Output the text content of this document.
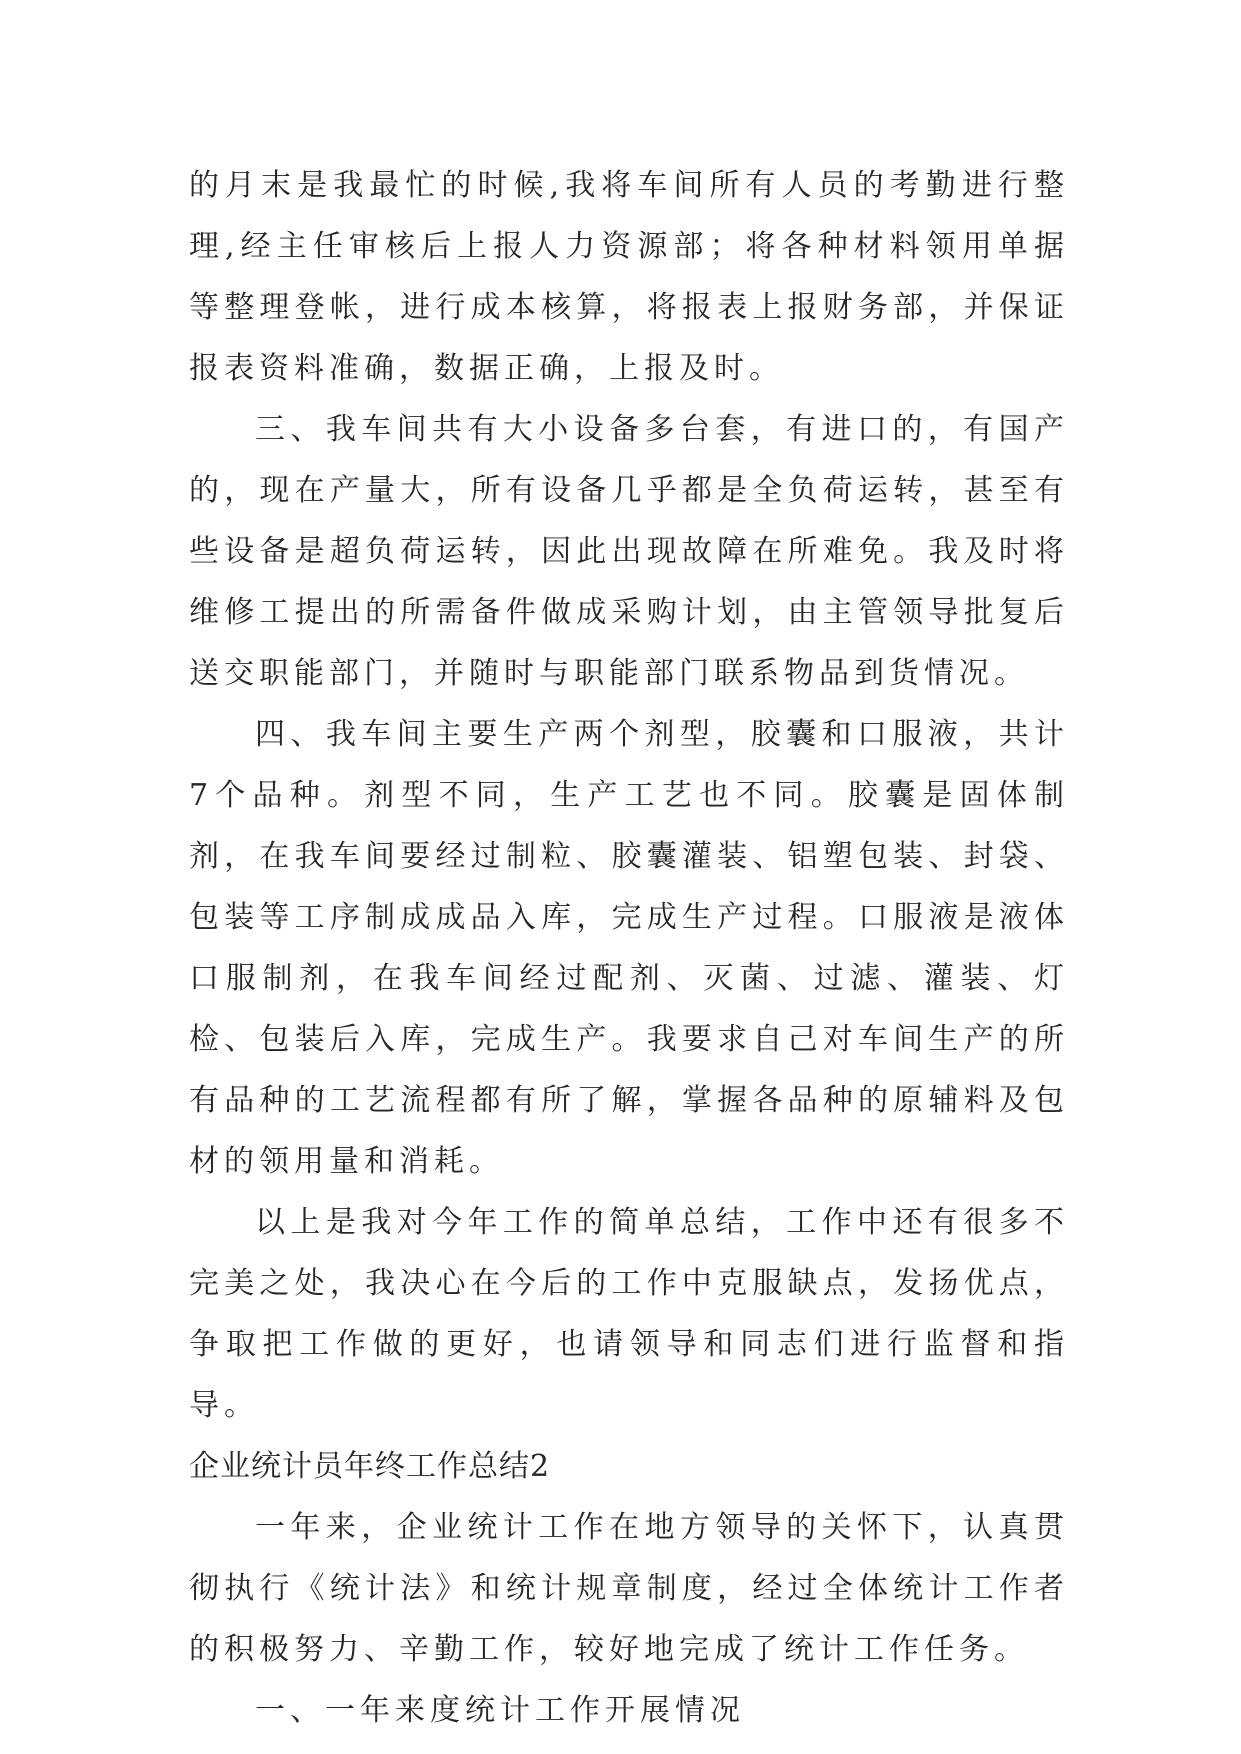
的月末是我最忙的时候,我将车间所有人员的考勤进行整理,经主任审核后上报人力资源部；将各种材料领用单据等整理登帐，进行成本核算，将报表上报财务部，并保证报表资料准确，数据正确，上报及时。

三、我车间共有大小设备多台套，有进口的，有国产的，现在产量大，所有设备几乎都是全负荷运转，甚至有些设备是超负荷运转，因此出现故障在所难免。我及时将维修工提出的所需备件做成采购计划，由主管领导批复后送交职能部门，并随时与职能部门联系物品到货情况。

四、我车间主要生产两个剂型，胶囊和口服液，共计7个品种。剂型不同，生产工艺也不同。胶囊是固体制剂，在我车间要经过制粒、胶囊灌装、铝塑包装、封袋、包装等工序制成成品入库，完成生产过程。口服液是液体口服制剂，在我车间经过配剂、灭菌、过滤、灌装、灯检、包装后入库，完成生产。我要求自己对车间生产的所有品种的工艺流程都有所了解，掌握各品种的原辅料及包材的领用量和消耗。

以上是我对今年工作的简单总结，工作中还有很多不完美之处，我决心在今后的工作中克服缺点，发扬优点，争取把工作做的更好，也请领导和同志们进行监督和指导。

企业统计员年终工作总结2

一年来，企业统计工作在地方领导的关怀下，认真贯彻执行《统计法》和统计规章制度，经过全体统计工作者的积极努力、辛勤工作，较好地完成了统计工作任务。

一、一年来度统计工作开展情况
